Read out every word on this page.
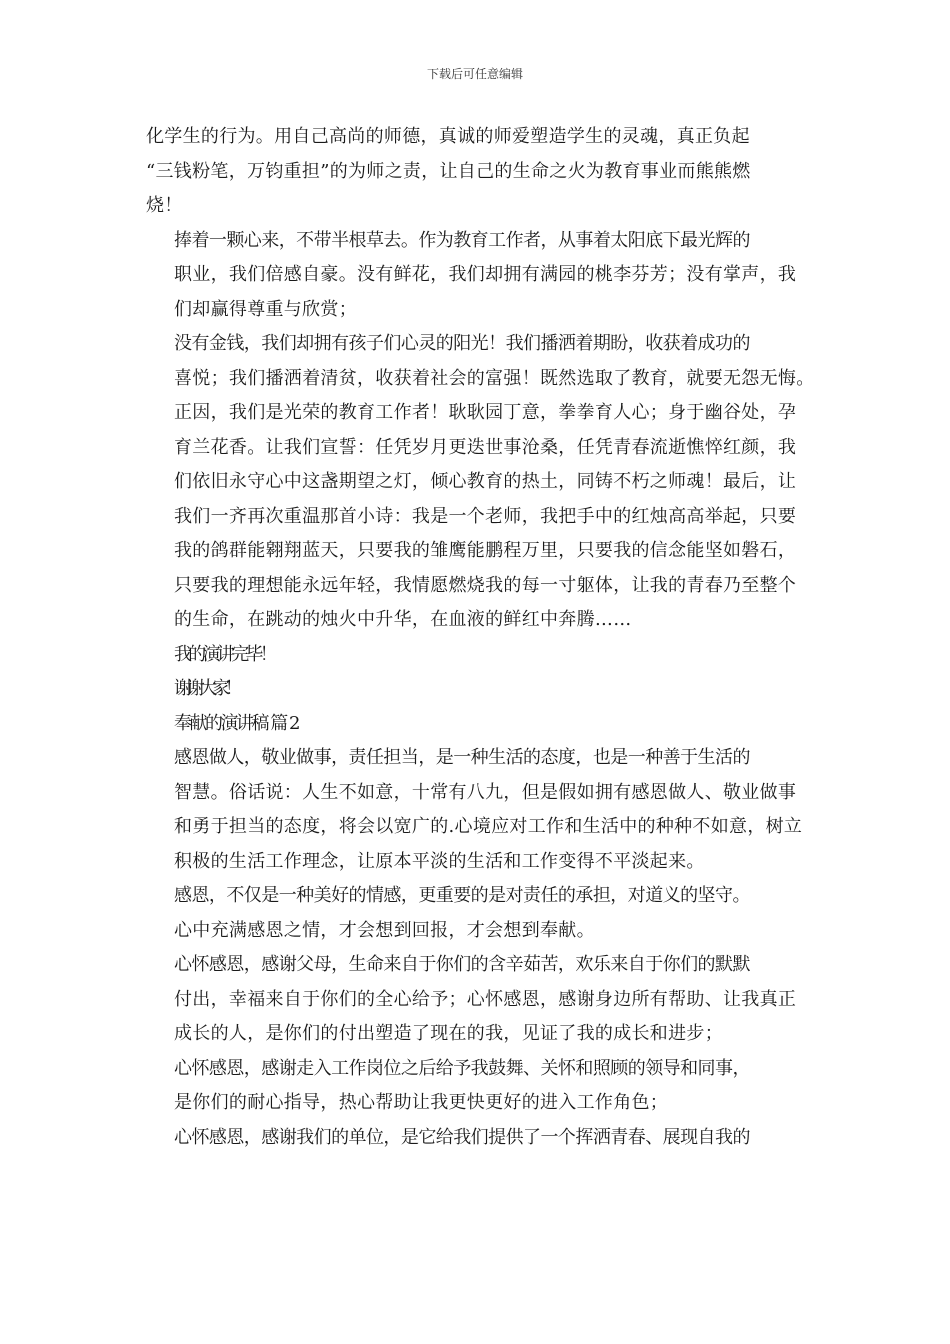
下载后可任意编辑

化学生的行为。用自己高尚的师德，真诚的师爱塑造学生的灵魂，真正负起
“三钱粉笔，万钧重担”的为师之责，让自己的生命之火为教育事业而熊熊燃
烧！

捧着一颗心来，不带半根草去。作为教育工作者，从事着太阳底下最光辉的
职业，我们倍感自豪。没有鲜花，我们却拥有满园的桃李芬芳；没有掌声，我
们却赢得尊重与欣赏；

没有金钱，我们却拥有孩子们心灵的阳光！我们播洒着期盼，收获着成功的
喜悦；我们播洒着清贫，收获着社会的富强！既然选取了教育，就要无怨无悔。
正因，我们是光荣的教育工作者！耿耿园丁意，拳拳育人心；身于幽谷处，孕
育兰花香。让我们宣誓：任凭岁月更迭世事沧桑，任凭青春流逝憔悴红颜，我
们依旧永守心中这盏期望之灯，倾心教育的热土，同铸不朽之师魂！最后，让
我们一齐再次重温那首小诗：我是一个老师，我把手中的红烛高高举起，只要
我的鸽群能翱翔蓝天，只要我的雏鹰能鹏程万里，只要我的信念能坚如磐石，
只要我的理想能永远年轻，我情愿燃烧我的每一寸躯体，让我的青春乃至整个
的生命，在跳动的烛火中升华，在血液的鲜红中奔腾……

我的演讲完毕！

谢谢大家！

奉献的演讲稿 篇 2

感恩做人，敬业做事，责任担当，是一种生活的态度，也是一种善于生活的
智慧。俗话说：人生不如意，十常有八九，但是假如拥有感恩做人、敬业做事
和勇于担当的态度，将会以宽广的.心境应对工作和生活中的种种不如意，树立
积极的生活工作理念，让原本平淡的生活和工作变得不平淡起来。

感恩，不仅是一种美好的情感，更重要的是对责任的承担，对道义的坚守。
心中充满感恩之情，才会想到回报，才会想到奉献。

心怀感恩，感谢父母，生命来自于你们的含辛茹苦，欢乐来自于你们的默默
付出，幸福来自于你们的全心给予；心怀感恩，感谢身边所有帮助、让我真正
成长的人，是你们的付出塑造了现在的我，见证了我的成长和进步；

心怀感恩，感谢走入工作岗位之后给予我鼓舞、关怀和照顾的领导和同事，
是你们的耐心指导，热心帮助让我更快更好的进入工作角色；

心怀感恩，感谢我们的单位，是它给我们提供了一个挥洒青春、展现自我的
